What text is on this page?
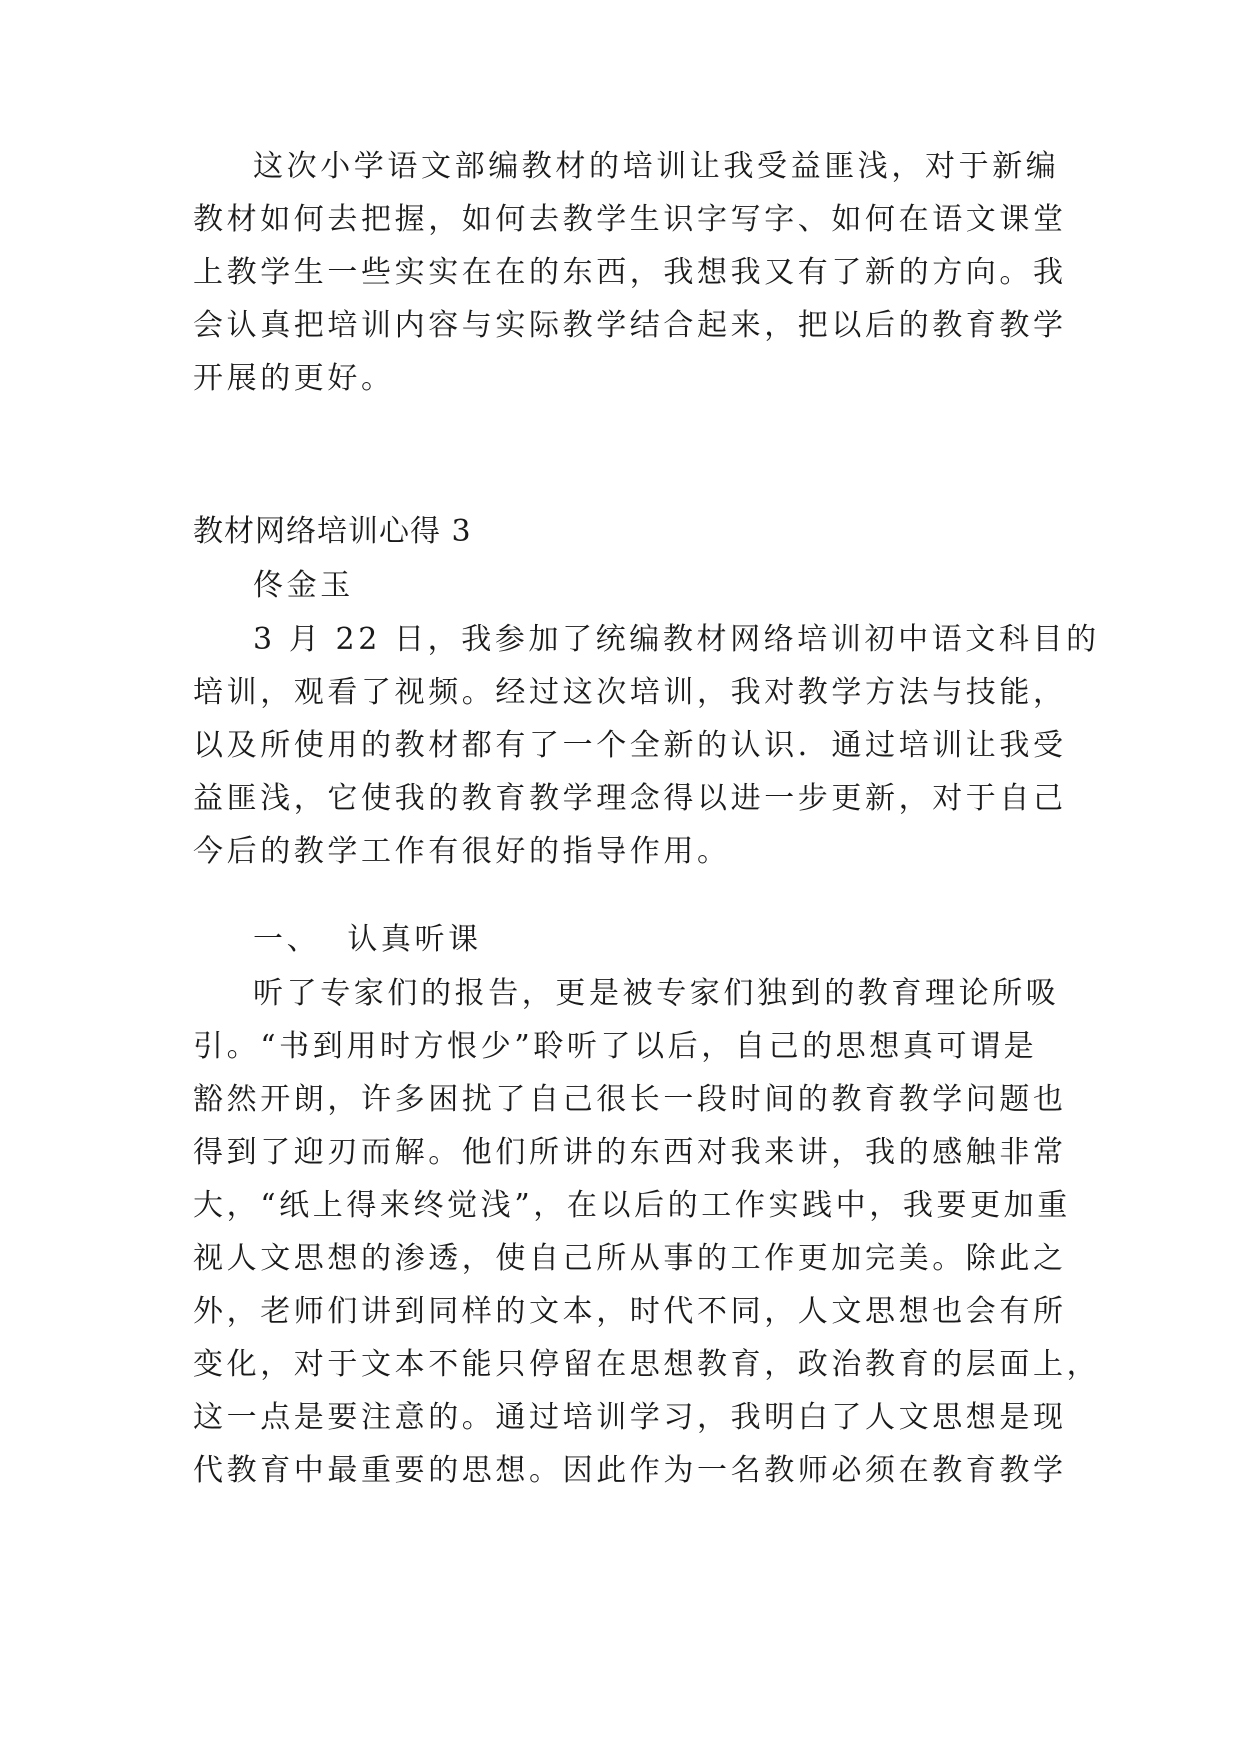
这次小学语文部编教材的培训让我受益匪浅，对于新编
教材如何去把握，如何去教学生识字写字、如何在语文课堂
上教学生一些实实在在的东西，我想我又有了新的方向。我
会认真把培训内容与实际教学结合起来，把以后的教育教学
开展的更好。
教材网络培训心得 3
佟金玉
3 月 22 日，我参加了统编教材网络培训初中语文科目的
培训，观看了视频。经过这次培训，我对教学方法与技能，
以及所使用的教材都有了一个全新的认识．通过培训让我受
益匪浅，它使我的教育教学理念得以进一步更新，对于自己
今后的教学工作有很好的指导作用。
一、 认真听课
听了专家们的报告，更是被专家们独到的教育理论所吸
引。“书到用时方恨少”聆听了以后，自己的思想真可谓是
豁然开朗，许多困扰了自己很长一段时间的教育教学问题也
得到了迎刃而解。他们所讲的东西对我来讲，我的感触非常
大，“纸上得来终觉浅”，在以后的工作实践中，我要更加重
视人文思想的渗透，使自己所从事的工作更加完美。除此之
外，老师们讲到同样的文本，时代不同，人文思想也会有所
变化，对于文本不能只停留在思想教育，政治教育的层面上，
这一点是要注意的。通过培训学习，我明白了人文思想是现
代教育中最重要的思想。因此作为一名教师必须在教育教学
